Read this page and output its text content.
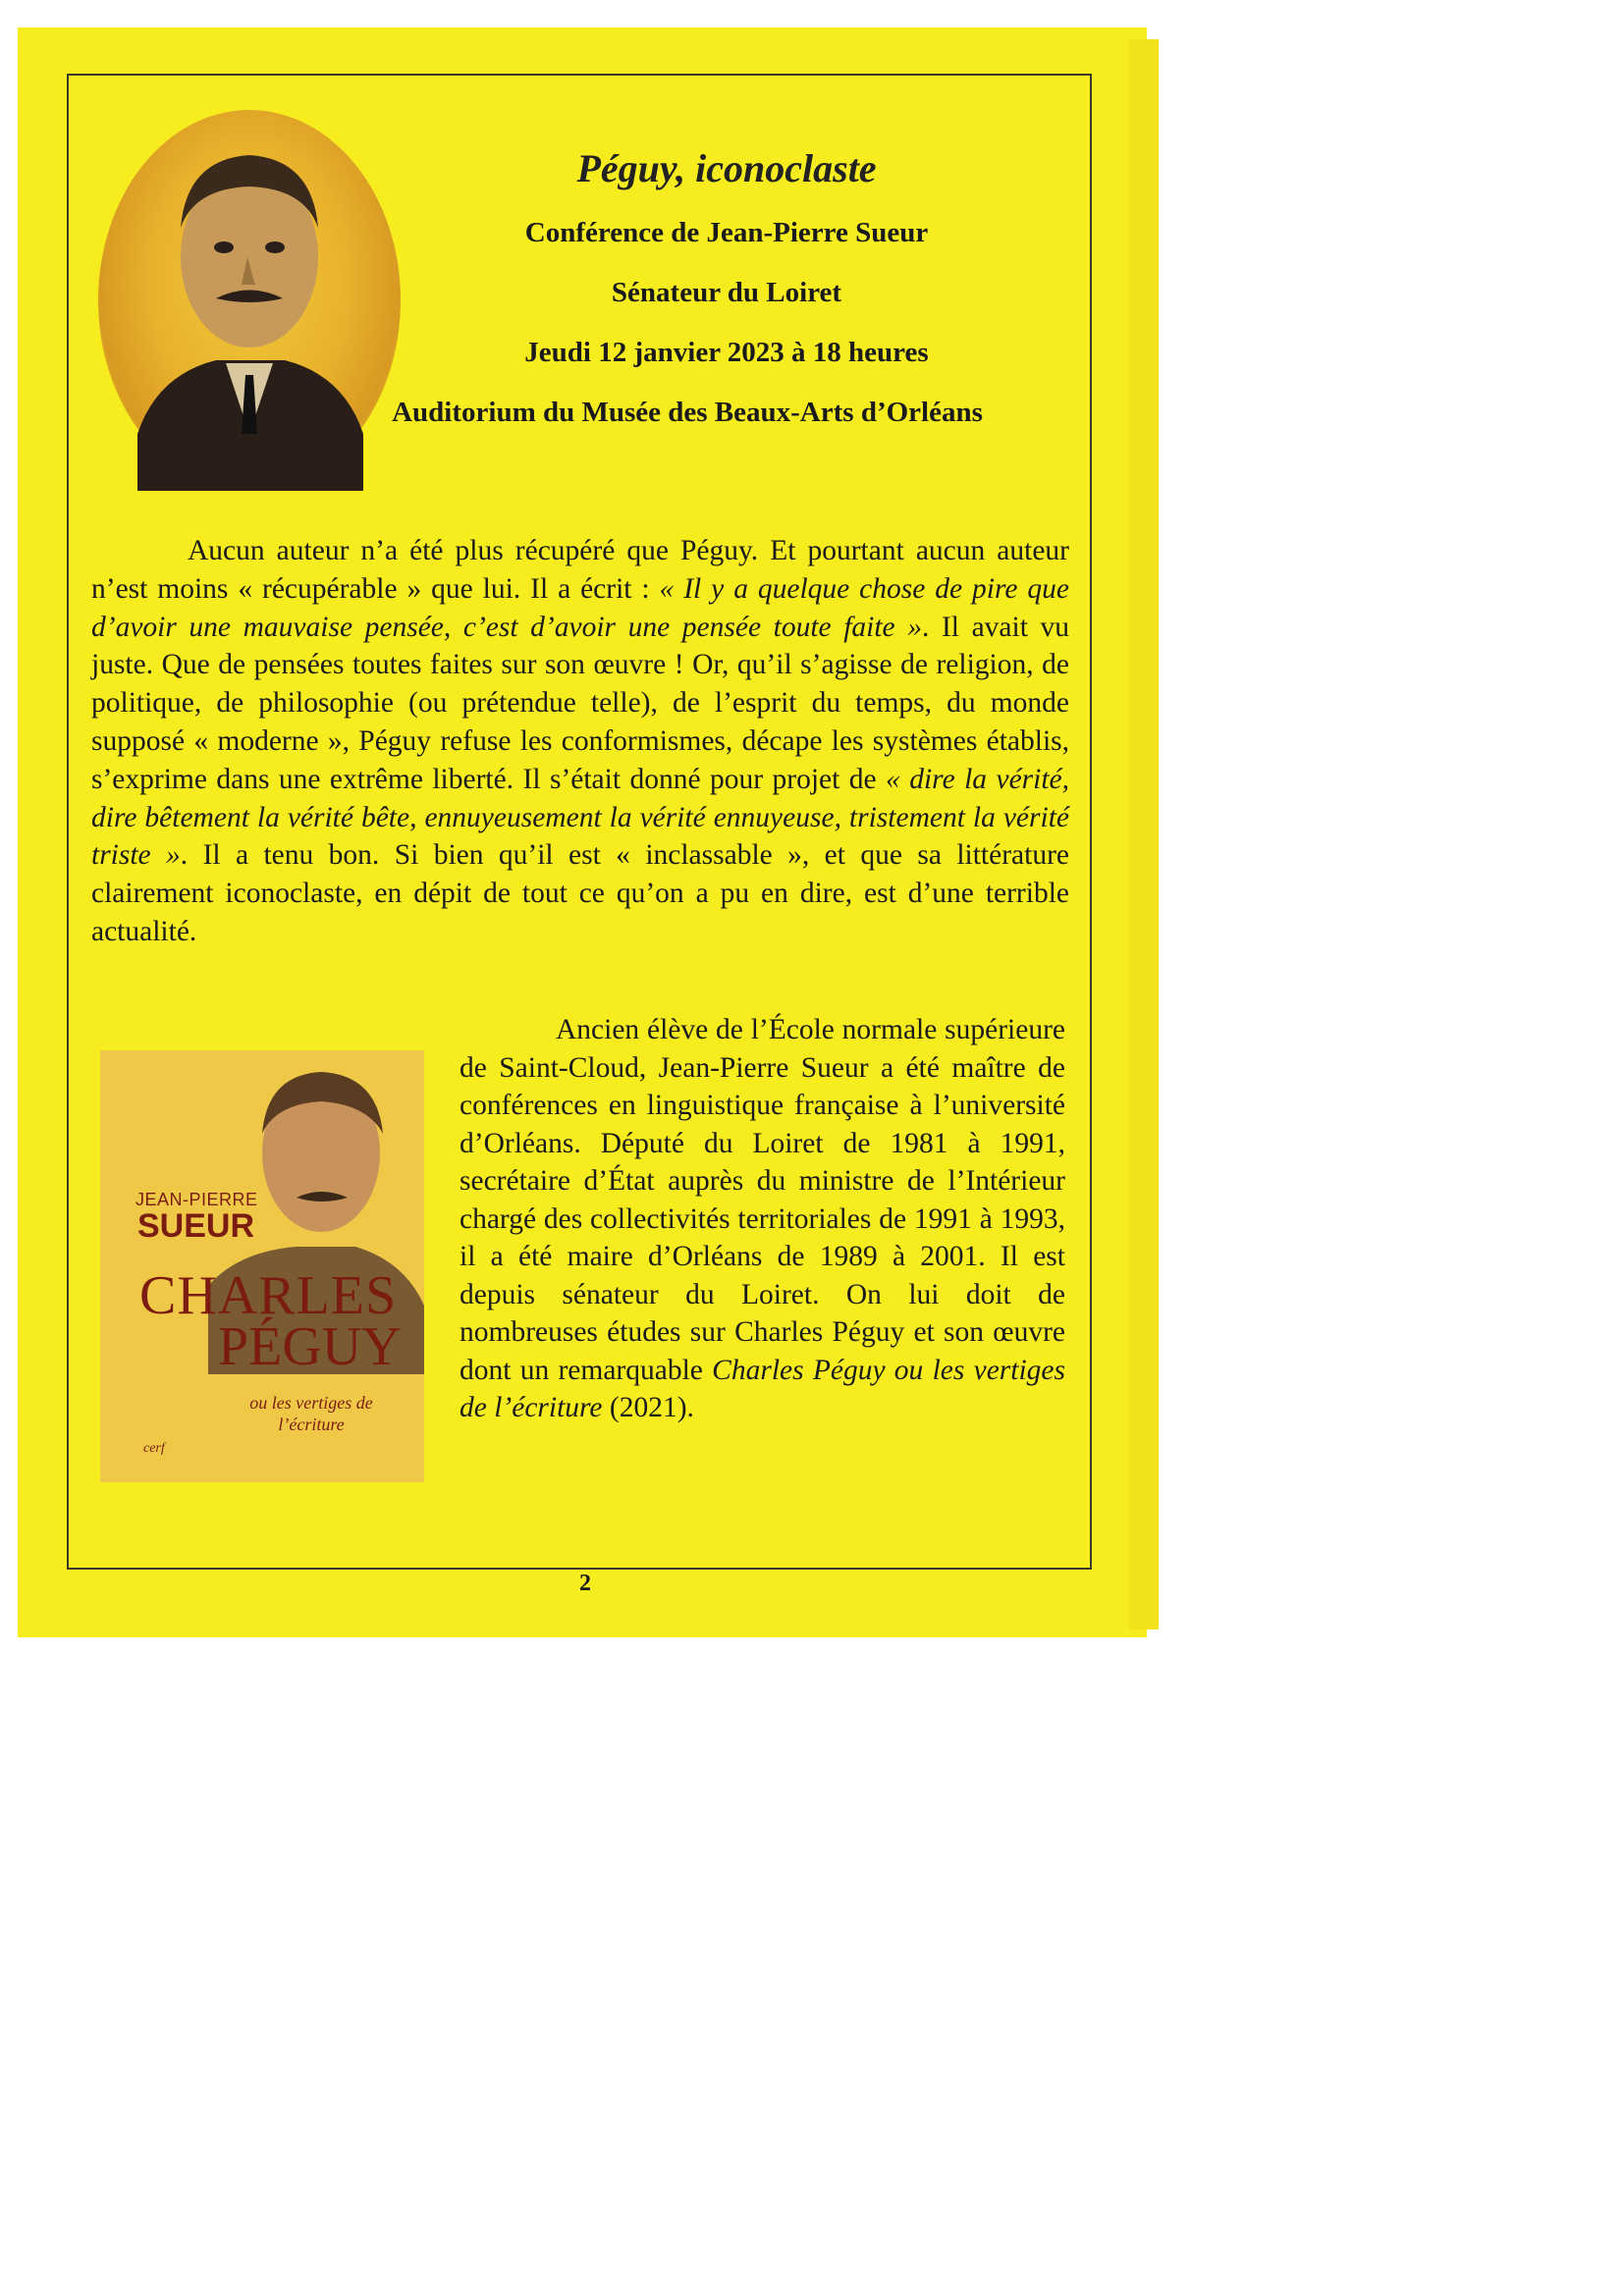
Péguy, iconoclaste
Conférence de Jean-Pierre Sueur
Sénateur du Loiret
Jeudi 12 janvier 2023 à 18 heures
Auditorium du Musée des Beaux-Arts d’Orléans
Aucun auteur n’a été plus récupéré que Péguy. Et pourtant aucun auteur n’est moins « récupérable » que lui. Il a écrit : « Il y a quelque chose de pire que d’avoir une mauvaise pensée, c’est d’avoir une pensée toute faite ». Il avait vu juste. Que de pensées toutes faites sur son œuvre ! Or, qu’il s’agisse de religion, de politique, de philosophie (ou prétendue telle), de l’esprit du temps, du monde supposé « moderne », Péguy refuse les conformismes, décape les systèmes établis, s’exprime dans une extrême liberté. Il s’était donné pour projet de « dire la vérité, dire bêtement la vérité bête, ennuyeusement la vérité ennuyeuse, tristement la vérité triste ». Il a tenu bon. Si bien qu’il est « inclassable », et que sa littérature clairement iconoclaste, en dépit de tout ce qu’on a pu en dire, est d’une terrible actualité.
JEAN-PIERRE
SUEUR
CHARLES
PÉGUY
ou les vertiges de l’écriture
cerf
Ancien élève de l’École normale supérieure de Saint-Cloud, Jean-Pierre Sueur a été maître de conférences en linguistique française à l’université d’Orléans. Député du Loiret de 1981 à 1991, secrétaire d’État auprès du ministre de l’Intérieur chargé des collectivités territoriales de 1991 à 1993, il a été maire d’Orléans de 1989 à 2001. Il est depuis sénateur du Loiret. On lui doit de nombreuses études sur Charles Péguy et son œuvre dont un remarquable Charles Péguy ou les vertiges de l’écriture (2021).
2
